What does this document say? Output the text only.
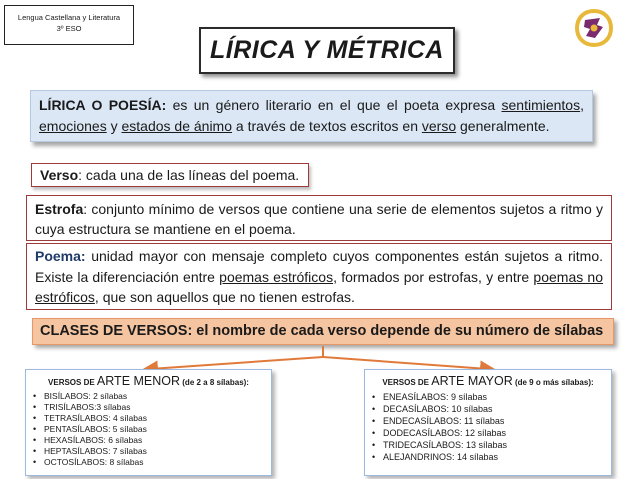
Lengua Castellana y Literatura
3º ESO
LÍRICA Y MÉTRICA
LÍRICA O POESÍA: es un género literario en el que el poeta expresa sentimientos, emociones y estados de ánimo a través de textos escritos en verso generalmente.
Verso: cada una de las líneas del poema.
Estrofa: conjunto mínimo de versos que contiene una serie de elementos sujetos a ritmo y cuya estructura se mantiene en el poema.
Poema: unidad mayor con mensaje completo cuyos componentes están sujetos a ritmo. Existe la diferenciación entre poemas estróficos, formados por estrofas, y entre poemas no estróficos, que son aquellos que no tienen estrofas.
CLASES DE VERSOS: el nombre de cada verso depende de su número de sílabas
VERSOS DE ARTE MENOR (de 2 a 8 sílabas):
• BISÍLABOS: 2 sílabas
• TRISÍLABOS:3 sílabas
• TETRASÍLABOS: 4 sílabas
• PENTASÍLABOS: 5 sílabas
• HEXASÍLABOS: 6 sílabas
• HEPTASÍLABOS: 7 sílabas
• OCTOSÍLABOS: 8 sílabas
VERSOS DE ARTE MAYOR (de 9 o más sílabas):
• ENEASÍLABOS: 9 sílabas
• DECASÍLABOS: 10 sílabas
• ENDECASÍLABOS: 11 sílabas
• DODECASÍLABOS: 12 sílabas
• TRIDECASÍLABOS: 13 sílabas
• ALEJANDRINOS: 14 sílabas
